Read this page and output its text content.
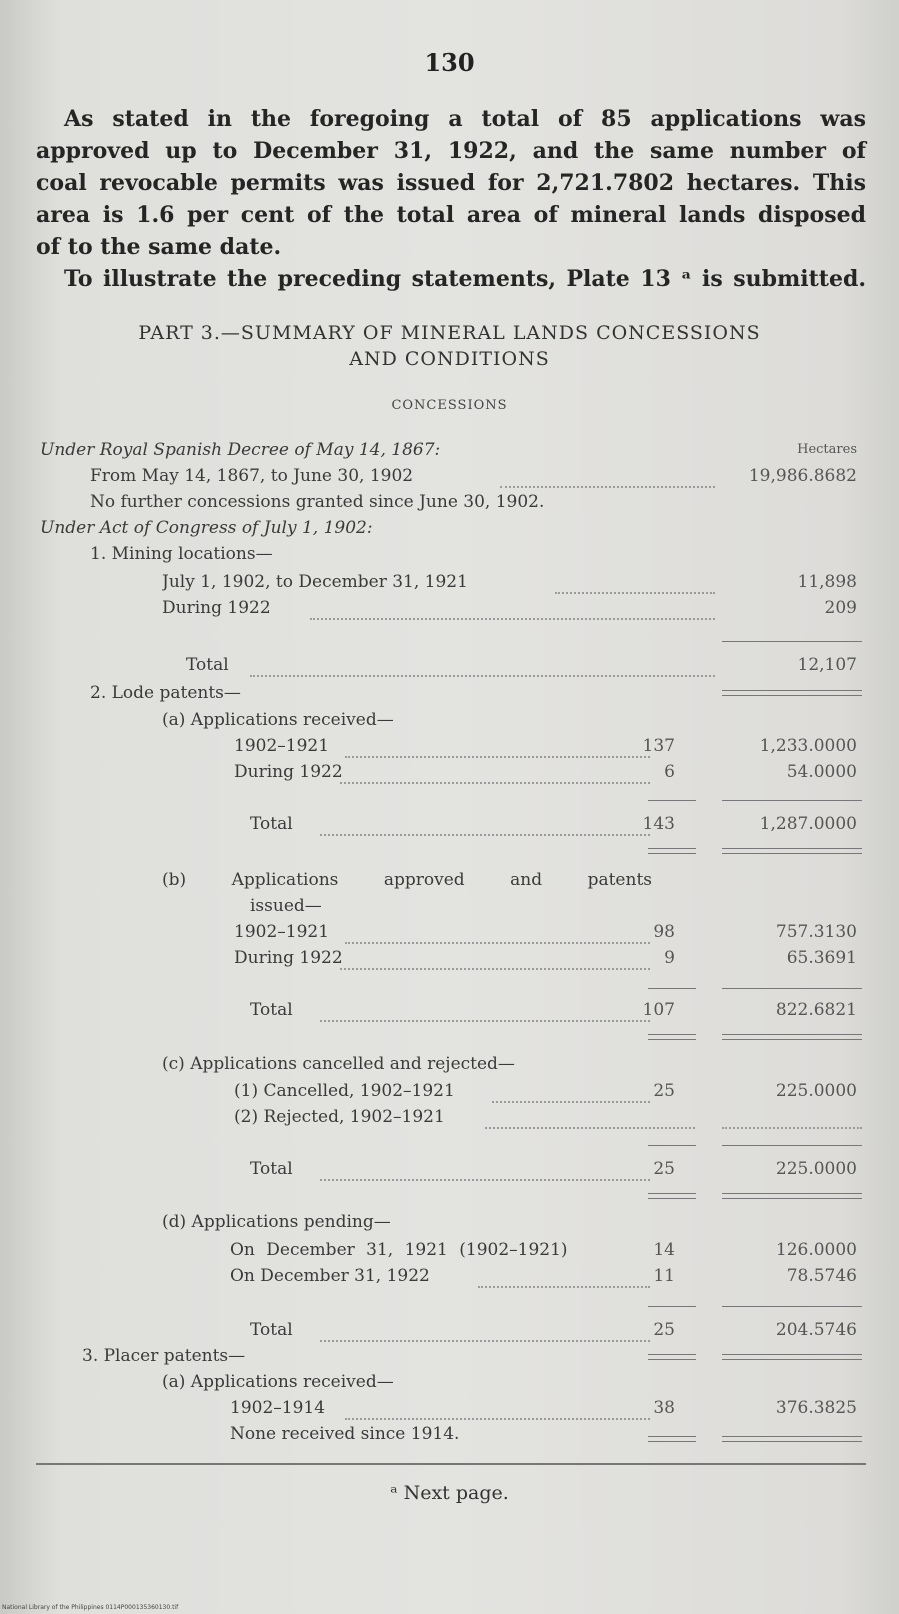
130
As stated in the foregoing a total of 85 applications was
approved up to December 31, 1922, and the same number of
coal revocable permits was issued for 2,721.7802 hectares. This
area is 1.6 per cent of the total area of mineral lands disposed
of to the same date.
To illustrate the preceding statements, Plate 13 ᵃ is submitted.
PART 3.—SUMMARY OF MINERAL LANDS CONCESSIONS
AND CONDITIONS
CONCESSIONS
Hectares
Under Royal Spanish Decree of May 14, 1867:
From May 14, 1867, to June 30, 1902	19,986.8682
No further concessions granted since June 30, 1902.
Under Act of Congress of July 1, 1902:
1. Mining locations—
July 1, 1902, to December 31, 1921	11,898
During 1922	209
Total	12,107
2. Lode patents—
(a) Applications received—
1902–1921	137	1,233.0000
During 1922	6	54.0000
Total	143	1,287.0000
(b) Applications approved and patents
issued—
1902–1921	98	757.3130
During 1922	9	65.3691
Total	107	822.6821
(c) Applications cancelled and rejected—
(1) Cancelled, 1902–1921	25	225.0000
(2) Rejected, 1902–1921
Total	25	225.0000
(d) Applications pending—
On December 31, 1921 (1902–1921)	14	126.0000
On December 31, 1922	11	78.5746
Total	25	204.5746
3. Placer patents—
(a) Applications received—
1902–1914	38	376.3825
None received since 1914.
ᵃ Next page.
National Library of the Philippines 0114P000135360130.tif
